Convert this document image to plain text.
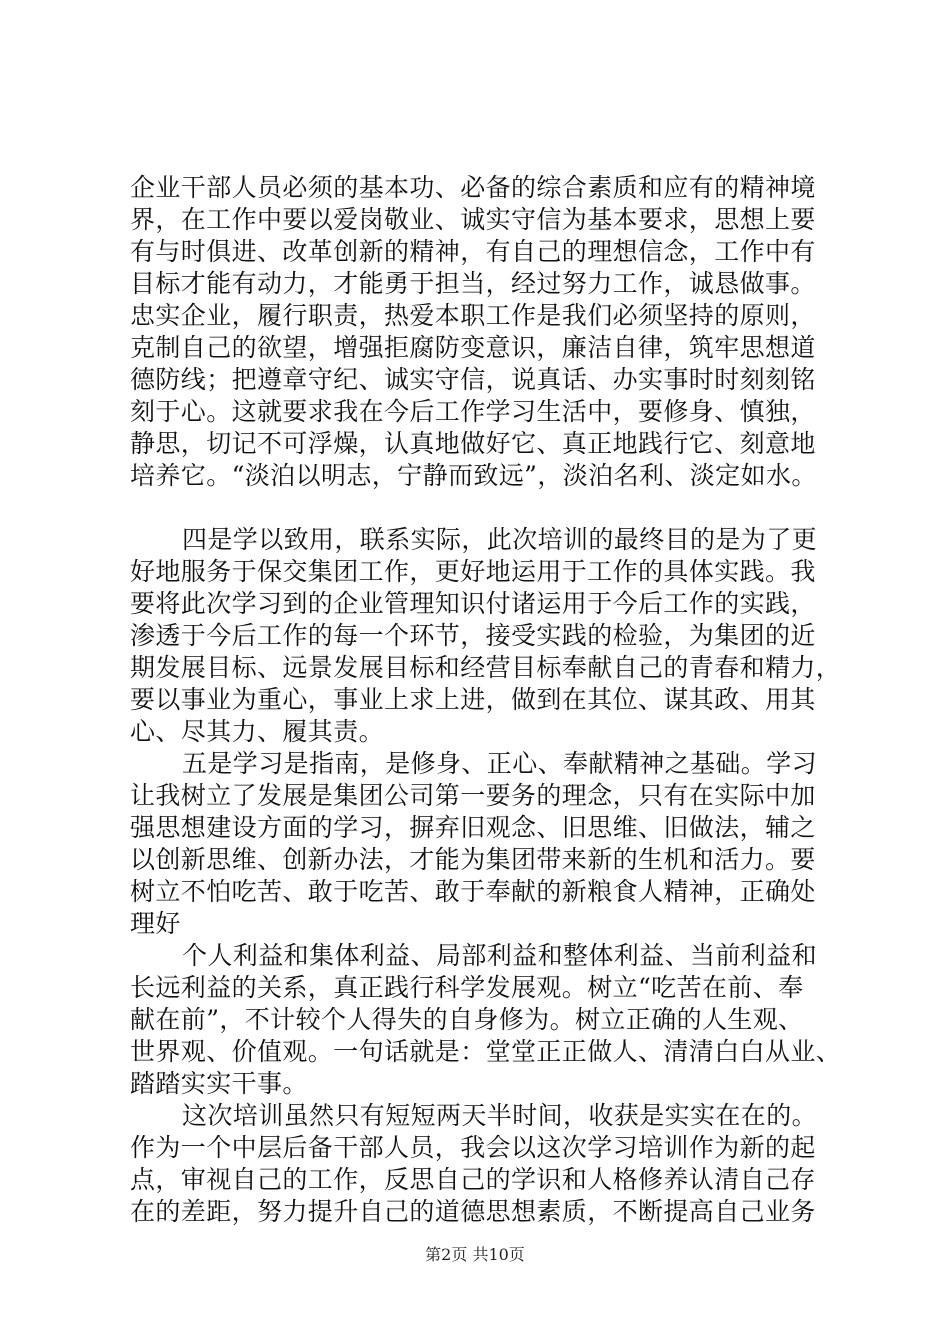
企业干部人员必须的基本功、必备的综合素质和应有的精神境
界，在工作中要以爱岗敬业、诚实守信为基本要求，思想上要
有与时俱进、改革创新的精神，有自己的理想信念，工作中有
目标才能有动力，才能勇于担当，经过努力工作，诚恳做事。
忠实企业，履行职责，热爱本职工作是我们必须坚持的原则，
克制自己的欲望，增强拒腐防变意识，廉洁自律，筑牢思想道
德防线；把遵章守纪、诚实守信，说真话、办实事时时刻刻铭
刻于心。这就要求我在今后工作学习生活中，要修身、慎独，
静思，切记不可浮燥，认真地做好它、真正地践行它、刻意地
培养它。“淡泊以明志，宁静而致远”，淡泊名利、淡定如水。
四是学以致用，联系实际，此次培训的最终目的是为了更
好地服务于保交集团工作，更好地运用于工作的具体实践。我
要将此次学习到的企业管理知识付诸运用于今后工作的实践，
渗透于今后工作的每一个环节，接受实践的检验，为集团的近
期发展目标、远景发展目标和经营目标奉献自己的青春和精力，
要以事业为重心，事业上求上进，做到在其位、谋其政、用其
心、尽其力、履其责。
五是学习是指南，是修身、正心、奉献精神之基础。学习
让我树立了发展是集团公司第一要务的理念，只有在实际中加
强思想建设方面的学习，摒弃旧观念、旧思维、旧做法，辅之
以创新思维、创新办法，才能为集团带来新的生机和活力。要
树立不怕吃苦、敢于吃苦、敢于奉献的新粮食人精神，正确处
理好
个人利益和集体利益、局部利益和整体利益、当前利益和
长远利益的关系，真正践行科学发展观。树立“吃苦在前、奉
献在前”，不计较个人得失的自身修为。树立正确的人生观、
世界观、价值观。一句话就是：堂堂正正做人、清清白白从业、
踏踏实实干事。
这次培训虽然只有短短两天半时间，收获是实实在在的。
作为一个中层后备干部人员，我会以这次学习培训作为新的起
点，审视自己的工作，反思自己的学识和人格修养认清自己存
在的差距，努力提升自己的道德思想素质，不断提高自己业务
第2页 共10页
